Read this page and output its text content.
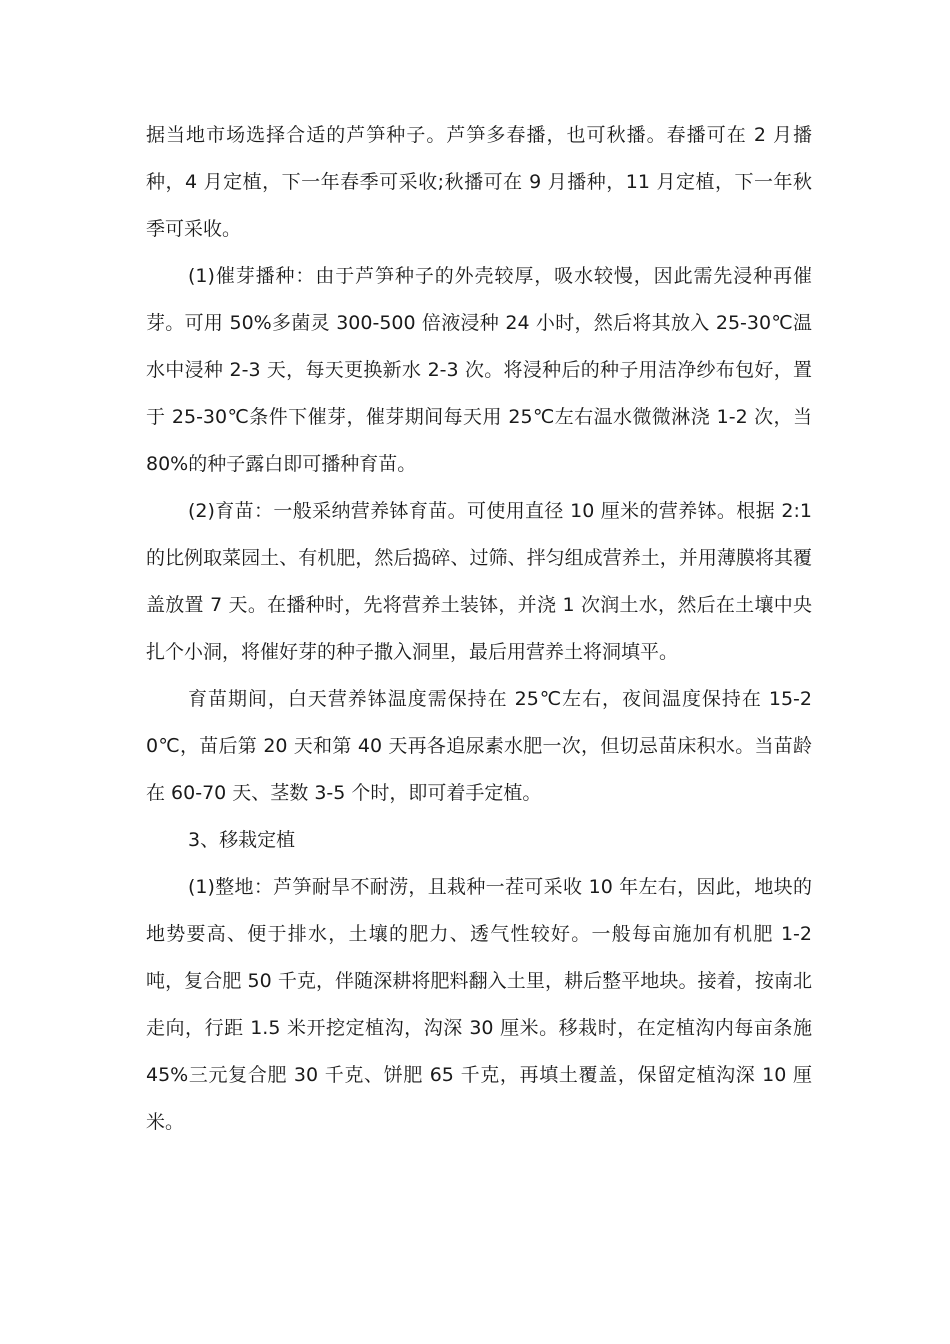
据当地市场选择合适的芦笋种子。芦笋多春播，也可秋播。春播可在 2 月播种，4 月定植，下一年春季可采收;秋播可在 9 月播种，11 月定植，下一年秋季可采收。

(1)催芽播种：由于芦笋种子的外壳较厚，吸水较慢，因此需先浸种再催芽。可用 50%多菌灵 300-500 倍液浸种 24 小时，然后将其放入 25-30℃温水中浸种 2-3 天，每天更换新水 2-3 次。将浸种后的种子用洁净纱布包好，置于 25-30℃条件下催芽，催芽期间每天用 25℃左右温水微微淋浇 1-2 次，当 80%的种子露白即可播种育苗。

(2)育苗：一般采纳营养钵育苗。可使用直径 10 厘米的营养钵。根据 2:1 的比例取菜园土、有机肥，然后捣碎、过筛、拌匀组成营养土，并用薄膜将其覆盖放置 7 天。在播种时，先将营养土装钵，并浇 1 次润土水，然后在土壤中央扎个小洞，将催好芽的种子撒入洞里，最后用营养土将洞填平。

育苗期间，白天营养钵温度需保持在 25℃左右，夜间温度保持在 15-20℃，苗后第 20 天和第 40 天再各追尿素水肥一次，但切忌苗床积水。当苗龄在 60-70 天、茎数 3-5 个时，即可着手定植。

3、移栽定植

(1)整地：芦笋耐旱不耐涝，且栽种一茬可采收 10 年左右，因此，地块的地势要高、便于排水，土壤的肥力、透气性较好。一般每亩施加有机肥 1-2 吨，复合肥 50 千克，伴随深耕将肥料翻入土里，耕后整平地块。接着，按南北走向，行距 1.5 米开挖定植沟，沟深 30 厘米。移栽时，在定植沟内每亩条施 45%三元复合肥 30 千克、饼肥 65 千克，再填土覆盖，保留定植沟深 10 厘米。
